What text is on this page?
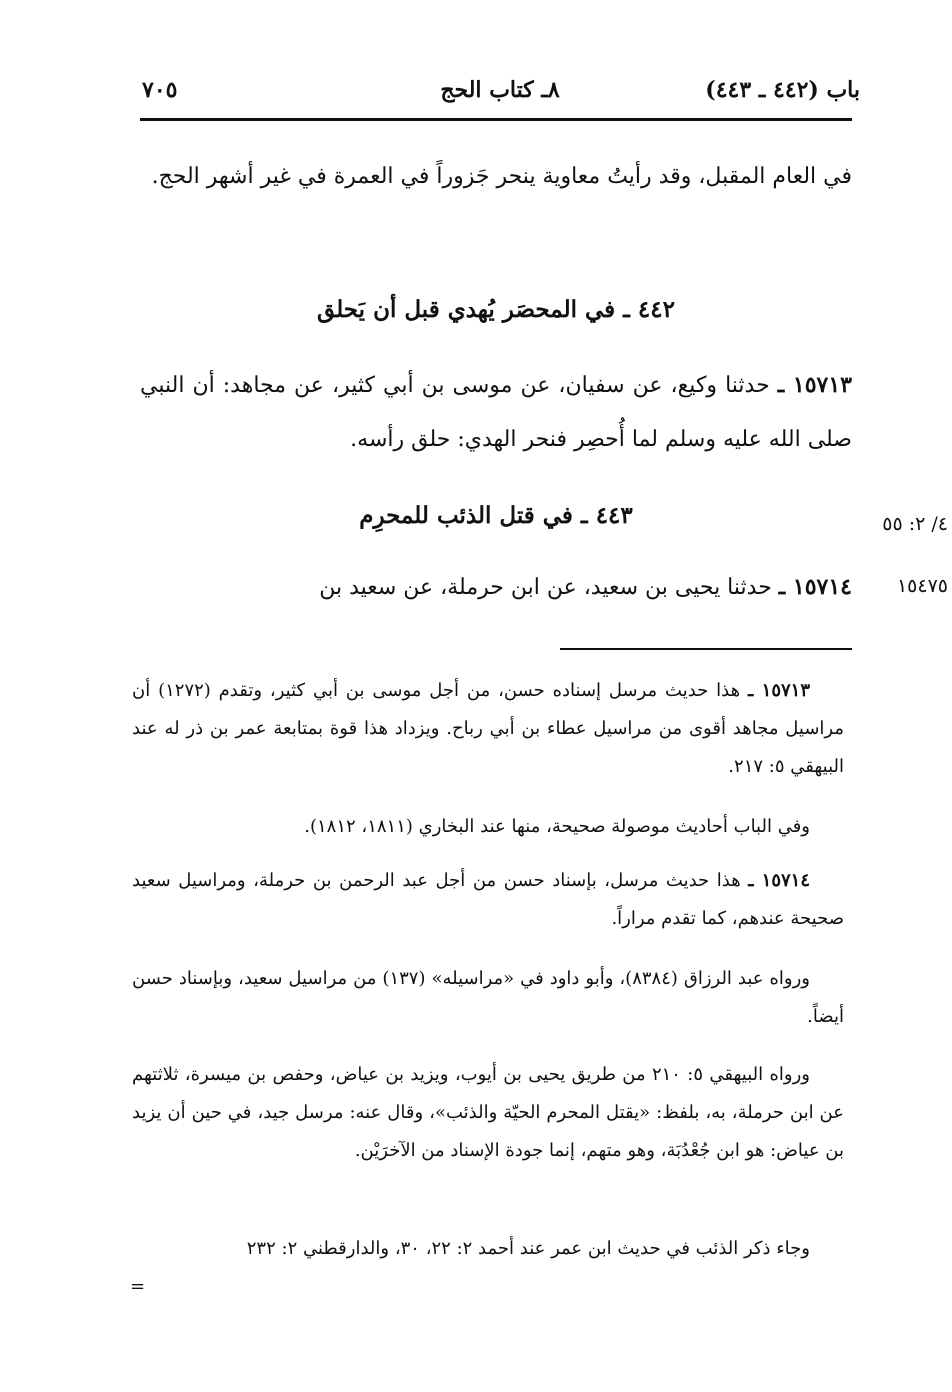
باب (٤٤٢ ـ ٤٤٣)
٨ـ كتاب الحج
٧٠٥
في العام المقبل، وقد رأيتُ معاوية ينحر جَزوراً في العمرة في غير أشهر الحج.
٤٤٢ ـ في المحصَر يُهدي قبل أن يَحلق
١٥٧١٣ ـ حدثنا وكيع، عن سفيان، عن موسى بن أبي كثير، عن مجاهد: أن النبي صلى الله عليه وسلم لما أُحصِر فنحر الهدي: حلق رأسه.
٤٤٣ ـ في قتل الذئب للمحرِم	٤/ ٢: ٥٥
١٥٧١٤ ـ حدثنا يحيى بن سعيد، عن ابن حرملة، عن سعيد بن	١٥٤٧٥
١٥٧١٣ ـ هذا حديث مرسل إسناده حسن، من أجل موسى بن أبي كثير، وتقدم (١٢٧٢) أن مراسيل مجاهد أقوى من مراسيل عطاء بن أبي رباح. ويزداد هذا قوة بمتابعة عمر بن ذر له عند البيهقي ٥: ٢١٧.
وفي الباب أحاديث موصولة صحيحة، منها عند البخاري (١٨١١، ١٨١٢).
١٥٧١٤ ـ هذا حديث مرسل، بإسناد حسن من أجل عبد الرحمن بن حرملة، ومراسيل سعيد صحيحة عندهم، كما تقدم مراراً.
ورواه عبد الرزاق (٨٣٨٤)، وأبو داود في «مراسيله» (١٣٧) من مراسيل سعيد، وبإسناد حسن أيضاً.
ورواه البيهقي ٥: ٢١٠ من طريق يحيى بن أيوب، ويزيد بن عياض، وحفص بن ميسرة، ثلاثتهم عن ابن حرملة، به، بلفظ: «يقتل المحرم الحيّة والذئب»، وقال عنه: مرسل جيد، في حين أن يزيد بن عياض: هو ابن جُعْدُبَة، وهو متهم، إنما جودة الإسناد من الآخرَيْن.
وجاء ذكر الذئب في حديث ابن عمر عند أحمد ٢: ٢٢، ٣٠، والدارقطني ٢: ٢٣٢
=
